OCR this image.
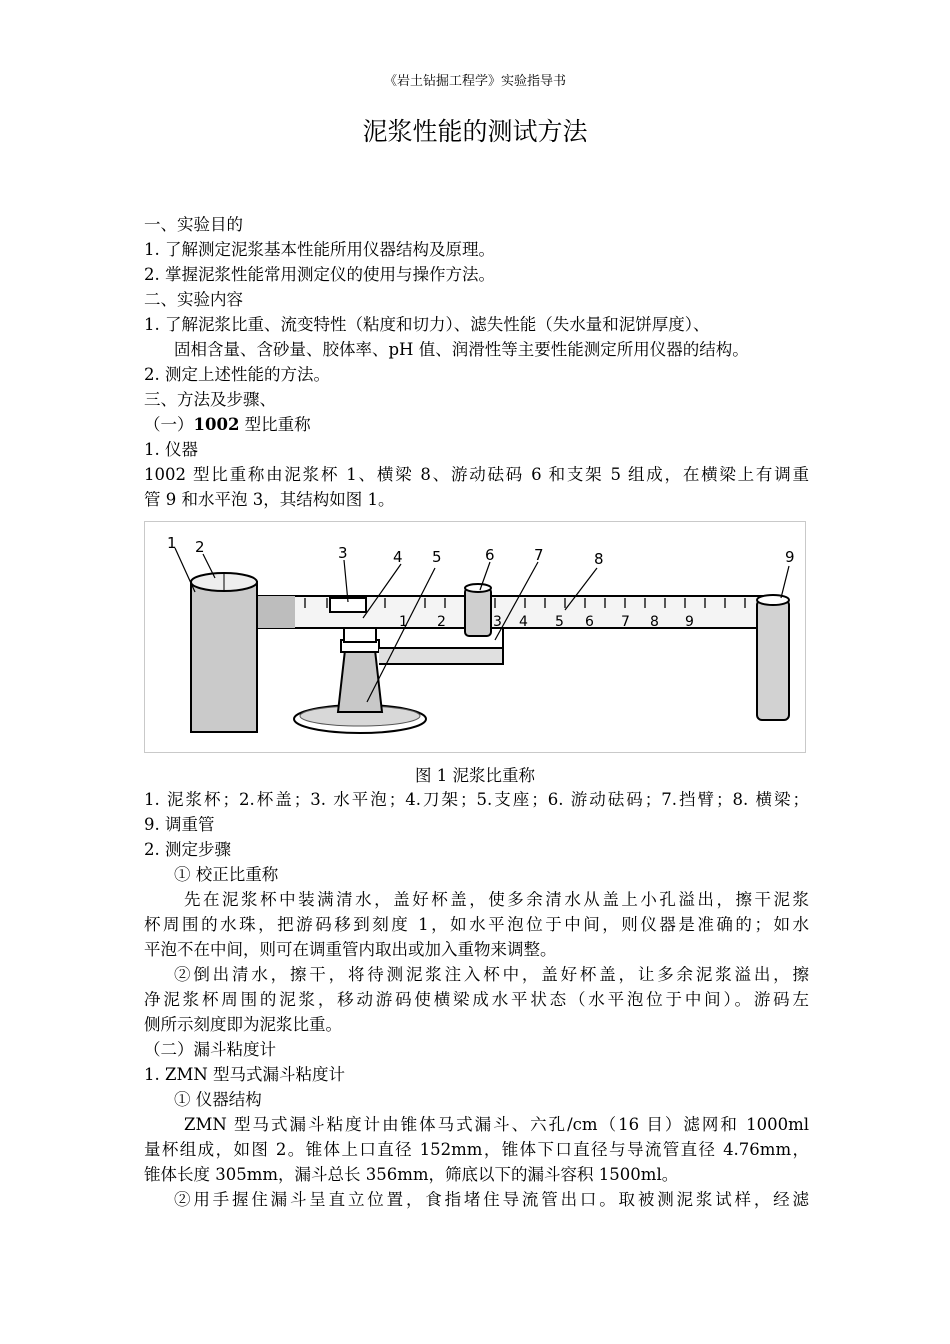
《岩土钻掘工程学》实验指导书
泥浆性能的测试方法
一、实验目的
1. 了解测定泥浆基本性能所用仪器结构及原理。
2. 掌握泥浆性能常用测定仪的使用与操作方法。
二、实验内容
1. 了解泥浆比重、流变特性（粘度和切力）、滤失性能（失水量和泥饼厚度）、
固相含量、含砂量、胶体率、pH 值、润滑性等主要性能测定所用仪器的结构。
2. 测定上述性能的方法。
三、方法及步骤、
（一）1002 型比重称
1. 仪器
1002 型比重称由泥浆杯 1、横梁 8、游动砝码 6 和支架 5 组成，在横梁上有调重
管 9 和水平泡 3，其结构如图 1。
1 2	3 4 5 6 7 8 9
1 2	3	4 5	6	7	8	9
图 1 泥浆比重称
1. 泥浆杯；2.杯盖；3. 水平泡；4.刀架；5.支座；6. 游动砝码；7.挡臂；8. 横梁；
9. 调重管
2. 测定步骤
① 校正比重称
先在泥浆杯中装满清水，盖好杯盖，使多余清水从盖上小孔溢出，擦干泥浆
杯周围的水珠，把游码移到刻度 1，如水平泡位于中间，则仪器是准确的；如水
平泡不在中间，则可在调重管内取出或加入重物来调整。
②倒出清水，擦干，将待测泥浆注入杯中，盖好杯盖，让多余泥浆溢出，擦
净泥浆杯周围的泥浆，移动游码使横梁成水平状态（水平泡位于中间）。游码左
侧所示刻度即为泥浆比重。
（二）漏斗粘度计
1. ZMN 型马式漏斗粘度计
① 仪器结构
ZMN 型马式漏斗粘度计由锥体马式漏斗、六孔/cm（16 目）滤网和 1000ml
量杯组成，如图 2。锥体上口直径 152mm，锥体下口直径与导流管直径 4.76mm，
锥体长度 305mm，漏斗总长 356mm，筛底以下的漏斗容积 1500ml。
②用手握住漏斗呈直立位置，食指堵住导流管出口。取被测泥浆试样，经滤
